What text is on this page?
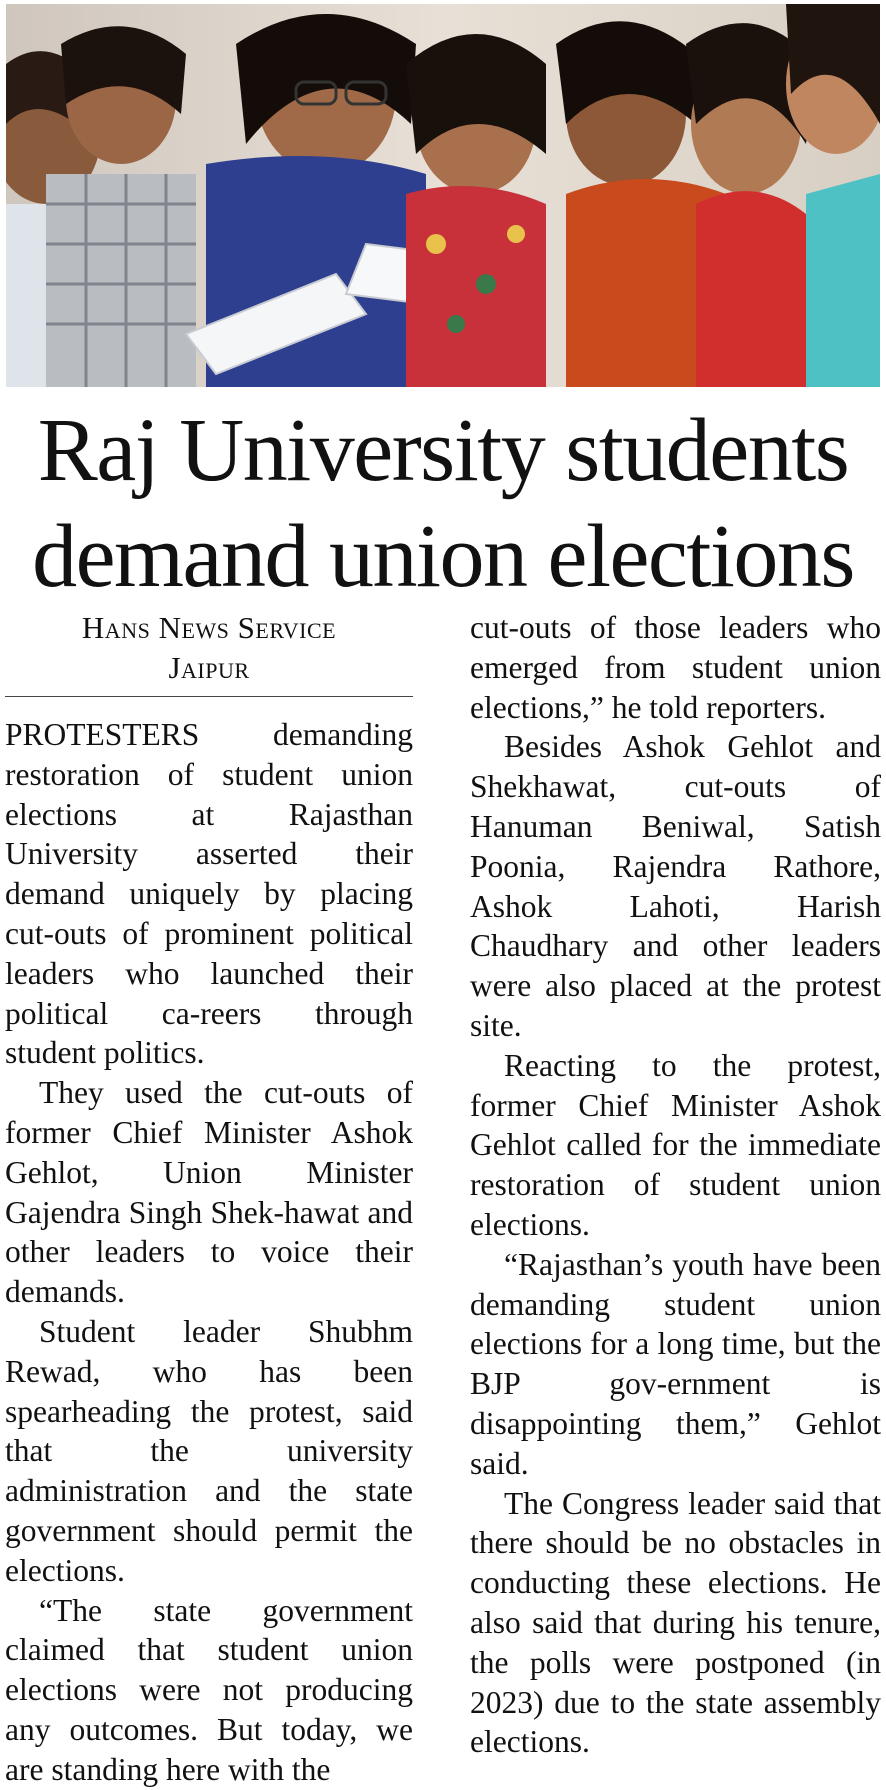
Raj University students
demand union elections
Hans News Service
Jaipur

PROTESTERS demanding restoration of student union elections at Rajasthan University asserted their demand uniquely by placing cut-outs of prominent political leaders who launched their political ca-reers through student politics.

They used the cut-outs of former Chief Minister Ashok Gehlot, Union Minister Gajendra Singh Shek-hawat and other leaders to voice their demands.

Student leader Shubhm Rewad, who has been spearheading the protest, said that the university administration and the state government should permit the elections.

“The state government claimed that student union elections were not producing any outcomes. But today, we are standing here with the

cut-outs of those leaders who emerged from student union elections,” he told reporters.

Besides Ashok Gehlot and Shekhawat, cut-outs of Hanuman Beniwal, Satish Poonia, Rajendra Rathore, Ashok Lahoti, Harish Chaudhary and other leaders were also placed at the protest site.

Reacting to the protest, former Chief Minister Ashok Gehlot called for the immediate restoration of student union elections.

“Rajasthan’s youth have been demanding student union elections for a long time, but the BJP gov-ernment is disappointing them,” Gehlot said.

The Congress leader said that there should be no obstacles in conducting these elections. He also said that during his tenure, the polls were postponed (in 2023) due to the state assembly elections.
